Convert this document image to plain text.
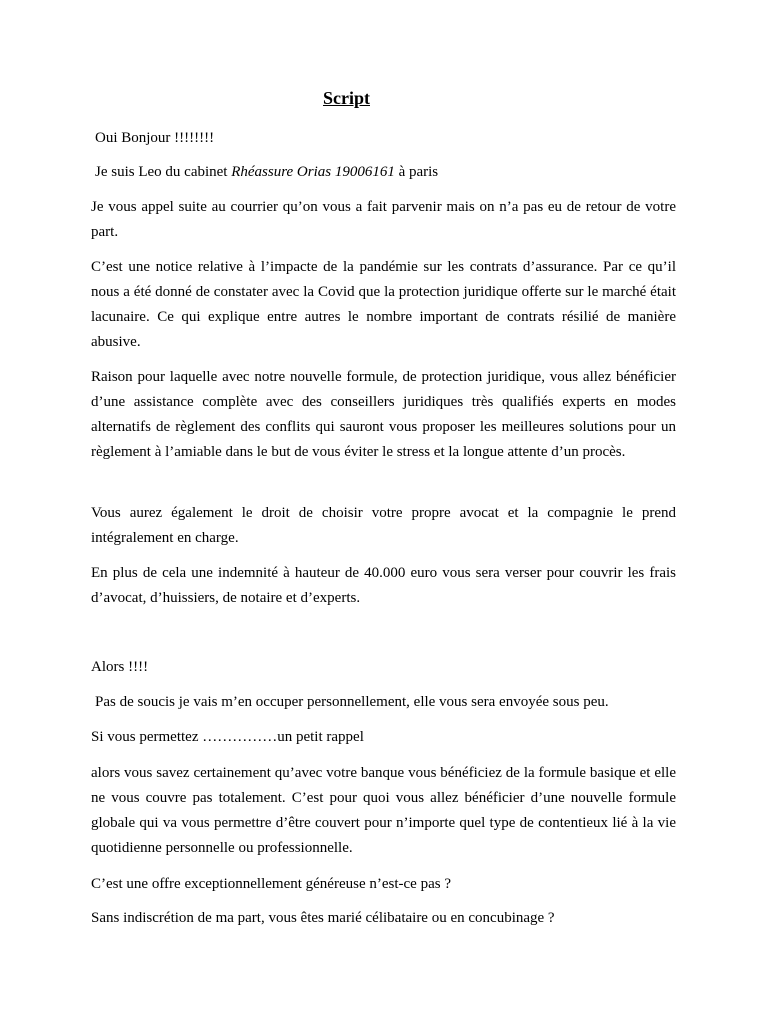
Script

Oui Bonjour !!!!!!!!

Je suis Leo du cabinet Rhéassure Orias 19006161 à paris

Je vous appel suite au courrier qu’on vous a fait parvenir mais on n’a pas eu de retour de votre part.

C’est une notice relative à l’impacte de la pandémie sur les contrats d’assurance. Par ce qu’il nous a été donné de constater avec la Covid que la protection juridique offerte sur le marché était lacunaire. Ce qui explique entre autres le nombre important de contrats résilié de manière abusive.

Raison pour laquelle avec notre nouvelle formule, de protection juridique, vous allez bénéficier d’une assistance complète avec des conseillers juridiques très qualifiés experts en modes alternatifs de règlement des conflits qui sauront vous proposer les meilleures solutions pour un règlement à l’amiable dans le but de vous éviter le stress et la longue attente d’un procès.

Vous aurez également le droit de choisir votre propre avocat et la compagnie le prend intégralement en charge.

En plus de cela une indemnité à hauteur de 40.000 euro vous sera verser pour couvrir les frais d’avocat, d’huissiers, de notaire et d’experts.

Alors !!!!

Pas de soucis je vais m’en occuper personnellement, elle vous sera envoyée sous peu.

Si vous permettez ……………un petit rappel

alors vous savez certainement qu’avec votre banque vous bénéficiez de la formule basique et elle ne vous couvre pas totalement. C’est pour quoi vous allez bénéficier d’une nouvelle formule globale qui va vous permettre d’être couvert pour n’importe quel type de contentieux lié à la vie quotidienne personnelle ou professionnelle.

C’est une offre exceptionnellement généreuse n’est-ce pas ?

Sans indiscrétion de ma part, vous êtes marié célibataire ou en concubinage ?
